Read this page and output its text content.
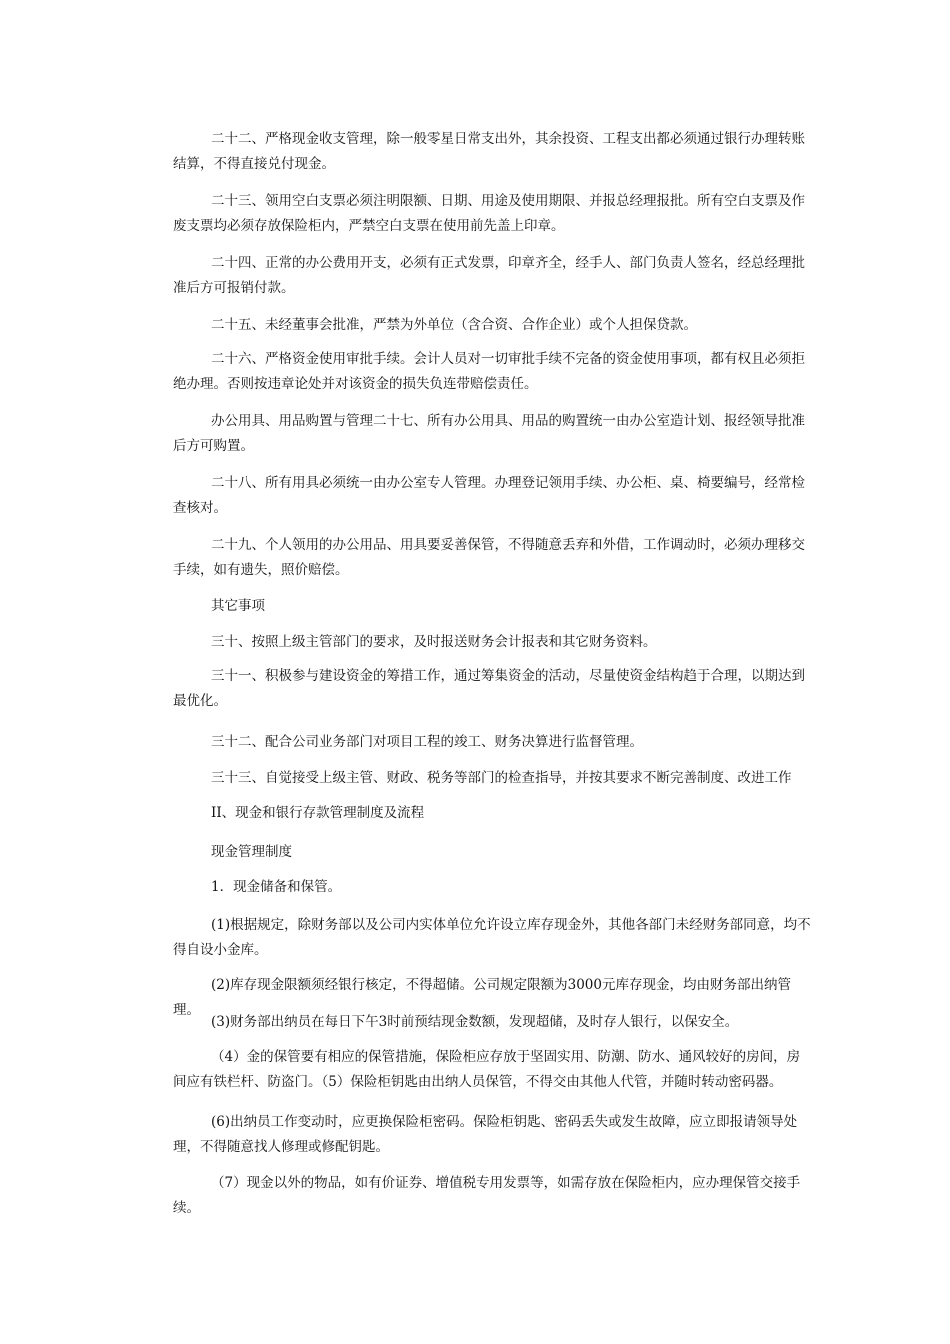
二十二、严格现金收支管理，除一般零星日常支出外，其余投资、工程支出都必须通过银行办理转账结算，不得直接兑付现金。

二十三、领用空白支票必须注明限额、日期、用途及使用期限、并报总经理报批。所有空白支票及作废支票均必须存放保险柜内，严禁空白支票在使用前先盖上印章。

二十四、正常的办公费用开支，必须有正式发票，印章齐全，经手人、部门负责人签名，经总经理批准后方可报销付款。

二十五、未经董事会批准，严禁为外单位（含合资、合作企业）或个人担保贷款。

二十六、严格资金使用审批手续。会计人员对一切审批手续不完备的资金使用事项，都有权且必须拒绝办理。否则按违章论处并对该资金的损失负连带赔偿责任。

办公用具、用品购置与管理二十七、所有办公用具、用品的购置统一由办公室造计划、报经领导批准后方可购置。

二十八、所有用具必须统一由办公室专人管理。办理登记领用手续、办公柜、桌、椅要编号，经常检查核对。

二十九、个人领用的办公用品、用具要妥善保管，不得随意丢弃和外借，工作调动时，必须办理移交手续，如有遗失，照价赔偿。

其它事项

三十、按照上级主管部门的要求，及时报送财务会计报表和其它财务资料。

三十一、积极参与建设资金的筹措工作，通过筹集资金的活动，尽量使资金结构趋于合理，以期达到最优化。

三十二、配合公司业务部门对项目工程的竣工、财务决算进行监督管理。

三十三、自觉接受上级主管、财政、税务等部门的检查指导，并按其要求不断完善制度、改进工作

II、现金和银行存款管理制度及流程

现金管理制度

1．现金储备和保管。

(1)根据规定，除财务部以及公司内实体单位允许设立库存现金外，其他各部门未经财务部同意，均不得自设小金库。

(2)库存现金限额须经银行核定，不得超储。公司规定限额为3000元库存现金，均由财务部出纳管理。

(3)财务部出纳员在每日下午3时前预结现金数额，发现超储，及时存人银行，以保安全。

（4）金的保管要有相应的保管措施，保险柜应存放于坚固实用、防潮、防水、通风较好的房间，房间应有铁栏杆、防盗门。（5）保险柜钥匙由出纳人员保管，不得交由其他人代管，并随时转动密码器。

(6)出纳员工作变动时，应更换保险柜密码。保险柜钥匙、密码丢失或发生故障，应立即报请领导处理，不得随意找人修理或修配钥匙。

（7）现金以外的物品，如有价证券、增值税专用发票等，如需存放在保险柜内，应办理保管交接手续。
